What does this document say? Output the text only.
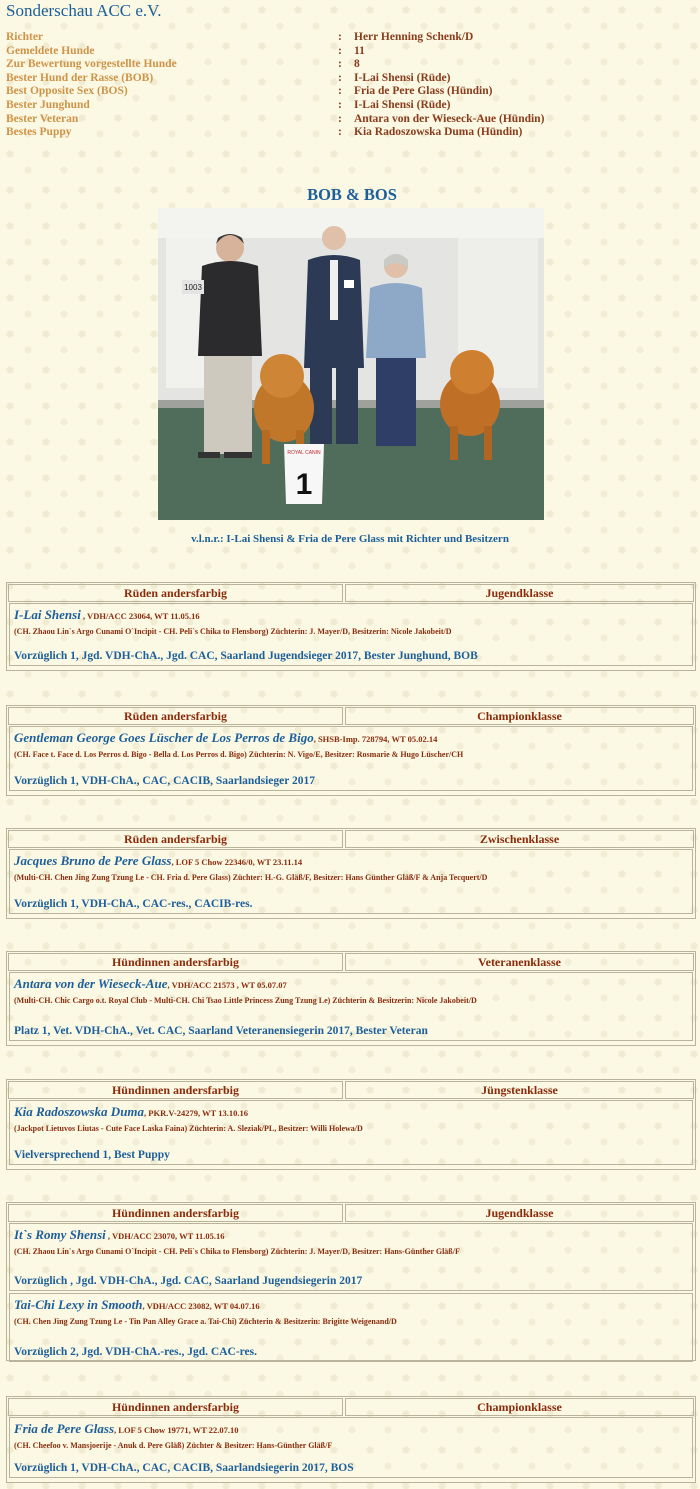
Sonderschau ACC e.V.
Richter	: Herr Henning Schenk/D
Gemeldete Hunde	: 11
Zur Bewertung vorgestellte Hunde	: 8
Bester Hund der Rasse (BOB)	: I-Lai Shensi (Rüde)
Best Opposite Sex (BOS)	: Fria de Pere Glass (Hündin)
Bester Junghund	: I-Lai Shensi (Rüde)
Bester Veteran	: Antara von der Wieseck-Aue (Hündin)
Bestes Puppy	: Kia Radoszowska Duma (Hündin)
BOB & BOS
1003
ROYAL CANIN
1
v.l.n.r.: I-Lai Shensi & Fria de Pere Glass mit Richter und Besitzern
Rüden andersfarbig	Jugendklasse
I-Lai Shensi , VDH/ACC 23064, WT 11.05.16
(CH. Zhaou Lin`s Argo Cunami O`Incipit - CH. Peli`s Chika to Flensborg) Züchterin: J. Mayer/D, Besitzerin: Nicole Jakobeit/D
Vorzüglich 1, Jgd. VDH-ChA., Jgd. CAC, Saarland Jugendsieger 2017, Bester Junghund, BOB
Rüden andersfarbig	Championklasse
Gentleman George Goes Lüscher de Los Perros de Bigo, SHSB-Imp. 728794, WT 05.02.14
(CH. Face t. Face d. Los Perros d. Bigo - Bella d. Los Perros d. Bigo) Züchterin: N. Vigo/E, Besitzer: Rosmarie & Hugo Lüscher/CH
Vorzüglich 1, VDH-ChA., CAC, CACIB, Saarlandsieger 2017
Rüden andersfarbig	Zwischenklasse
Jacques Bruno de Pere Glass, LOF 5 Chow 22346/0, WT 23.11.14
(Multi-CH. Chen Jing Zung Tzung Le - CH. Fria d. Pere Glass) Züchter: H.-G. Gläß/F, Besitzer: Hans Günther Gläß/F & Anja Tecquert/D
Vorzüglich 1, VDH-ChA., CAC-res., CACIB-res.
Hündinnen andersfarbig	Veteranenklasse
Antara von der Wieseck-Aue, VDH/ACC 21573 , WT 05.07.07
(Multi-CH. Chic Cargo o.t. Royal Club - Multi-CH. Chi Tsao Little Princess Zung Tzung Le) Züchterin & Besitzerin: Nicole Jakobeit/D
Platz 1, Vet. VDH-ChA., Vet. CAC, Saarland Veteranensiegerin 2017, Bester Veteran
Hündinnen andersfarbig	Jüngstenklasse
Kia Radoszowska Duma, PKR.V-24279, WT 13.10.16
(Jackpot Lietuvos Liutas - Cute Face Laska Faina) Züchterin: A. Sleziak/PL, Besitzer: Willi Holewa/D
Vielversprechend 1, Best Puppy
Hündinnen andersfarbig	Jugendklasse
It`s Romy Shensi , VDH/ACC 23070, WT 11.05.16
(CH. Zhaou Lin`s Argo Cunami O`Incipit - CH. Peli`s Chika to Flensborg) Züchterin: J. Mayer/D, Besitzer: Hans-Günther Gläß/F
Vorzüglich , Jgd. VDH-ChA., Jgd. CAC, Saarland Jugendsiegerin 2017
Tai-Chi Lexy in Smooth, VDH/ACC 23082, WT 04.07.16
(CH. Chen Jing Zung Tzung Le - Tin Pan Alley Grace a. Tai-Chi) Züchterin & Besitzerin: Brigitte Weigenand/D
Vorzüglich 2, Jgd. VDH-ChA.-res., Jgd. CAC-res.
Hündinnen andersfarbig	Championklasse
Fria de Pere Glass, LOF 5 Chow 19771, WT 22.07.10
(CH. Cheefoo v. Mansjoerije - Anuk d. Pere Gläß) Züchter & Besitzer: Hans-Günther Gläß/F
Vorzüglich 1, VDH-ChA., CAC, CACIB, Saarlandsiegerin 2017, BOS
